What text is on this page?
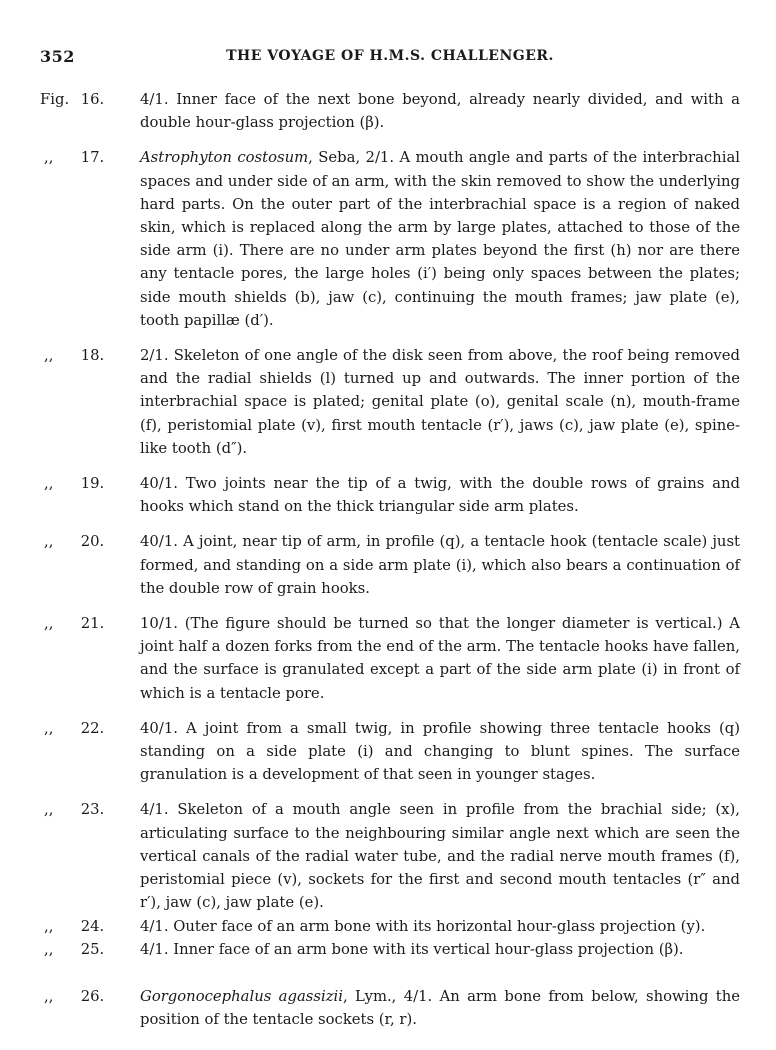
352	THE VOYAGE OF H.M.S. CHALLENGER.
Fig. 16.	4/1. Inner face of the next bone beyond, already nearly divided, and with a double hour-glass projection (β).
,, 17.	Astrophyton costosum, Seba, 2/1. A mouth angle and parts of the interbrachial spaces and under side of an arm, with the skin removed to show the underlying hard parts. On the outer part of the interbrachial space is a region of naked skin, which is replaced along the arm by large plates, attached to those of the side arm (i). There are no under arm plates beyond the first (h) nor are there any tentacle pores, the large holes (i′) being only spaces between the plates; side mouth shields (b), jaw (c), continuing the mouth frames; jaw plate (e), tooth papillæ (d′).
,, 18.	2/1. Skeleton of one angle of the disk seen from above, the roof being removed and the radial shields (l) turned up and outwards. The inner portion of the interbrachial space is plated; genital plate (o), genital scale (n), mouth-frame (f), peristomial plate (v), first mouth tentacle (r′), jaws (c), jaw plate (e), spine-like tooth (d″).
,, 19.	40/1. Two joints near the tip of a twig, with the double rows of grains and hooks which stand on the thick triangular side arm plates.
,, 20.	40/1. A joint, near tip of arm, in profile (q), a tentacle hook (tentacle scale) just formed, and standing on a side arm plate (i), which also bears a continuation of the double row of grain hooks.
,, 21.	10/1. (The figure should be turned so that the longer diameter is vertical.) A joint half a dozen forks from the end of the arm. The tentacle hooks have fallen, and the surface is granulated except a part of the side arm plate (i) in front of which is a tentacle pore.
,, 22.	40/1. A joint from a small twig, in profile showing three tentacle hooks (q) standing on a side plate (i) and changing to blunt spines. The surface granulation is a development of that seen in younger stages.
,, 23.	4/1. Skeleton of a mouth angle seen in profile from the brachial side; (x), articulating surface to the neighbouring similar angle next which are seen the vertical canals of the radial water tube, and the radial nerve mouth frames (f), peristomial piece (v), sockets for the first and second mouth tentacles (r″ and r′), jaw (c), jaw plate (e).
,, 24.	4/1. Outer face of an arm bone with its horizontal hour-glass projection (y).
,, 25.	4/1. Inner face of an arm bone with its vertical hour-glass projection (β).
,, 26.	Gorgonocephalus agassizii, Lym., 4/1. An arm bone from below, showing the position of the tentacle sockets (r, r).
